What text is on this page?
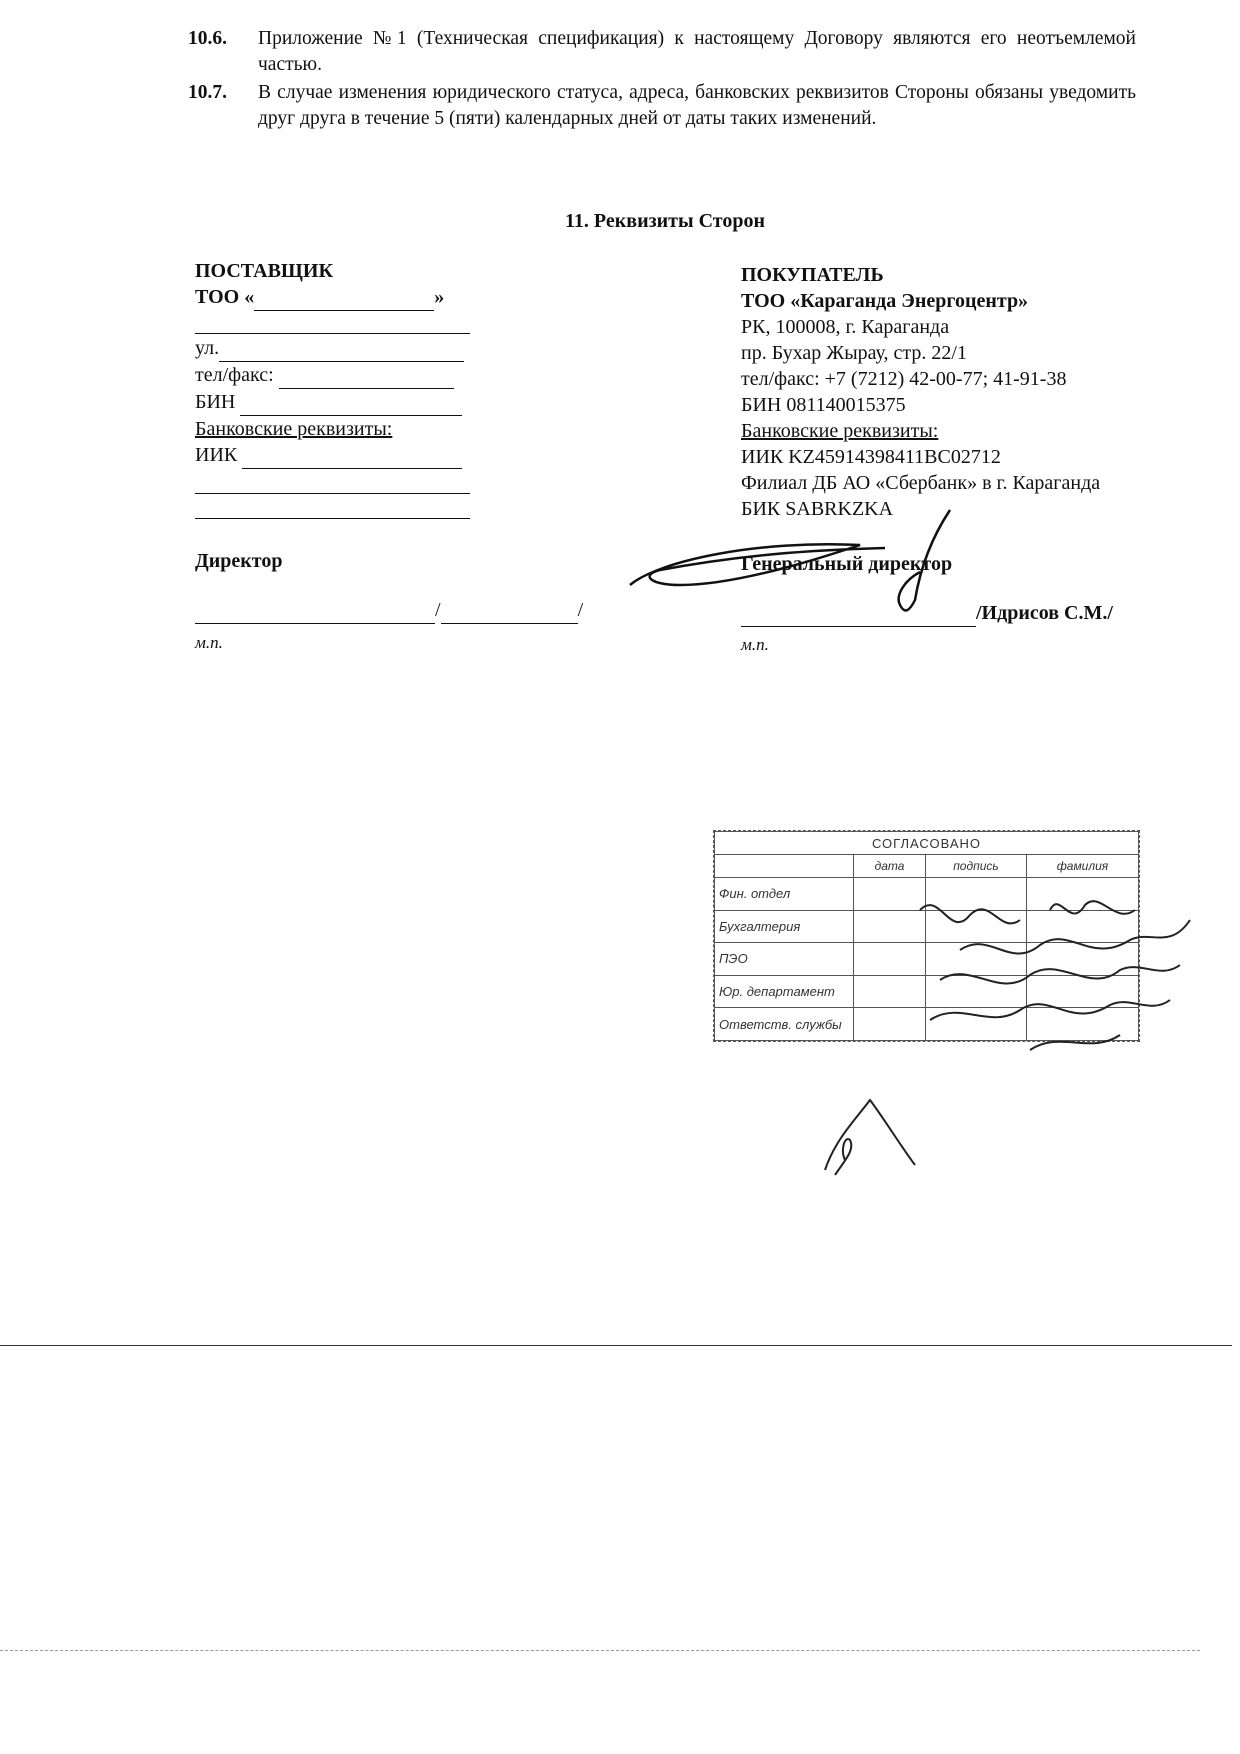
10.6. Приложение №1 (Техническая спецификация) к настоящему Договору являются его неотъемлемой частью.
10.7. В случае изменения юридического статуса, адреса, банковских реквизитов Стороны обязаны уведомить друг друга в течение 5 (пяти) календарных дней от даты таких изменений.
11. Реквизиты Сторон
ПОСТАВЩИК
ТОО «	»
ул.
тел/факс:
БИН
Банковские реквизиты:
ИИК
Директор
/	/
м.п.
ПОКУПАТЕЛЬ
ТОО «Караганда Энергоцентр»
РК, 100008, г. Караганда
пр. Бухар Жырау, стр. 22/1
тел/факс: +7 (7212) 42-00-77; 41-91-38
БИН 081140015375
Банковские реквизиты:
ИИК KZ45914398411BC02712
Филиал ДБ АО «Сбербанк» в г. Караганда
БИК SABRKZKA
Генеральный директор
/Идрисов С.М./
м.п.
СОГЛАСОВАНО			
	дата	подпись	фамилия
Фин. отдел			
Бухгалтерия			
ПЭО			
Юр. департамент			
Ответств. службы			
